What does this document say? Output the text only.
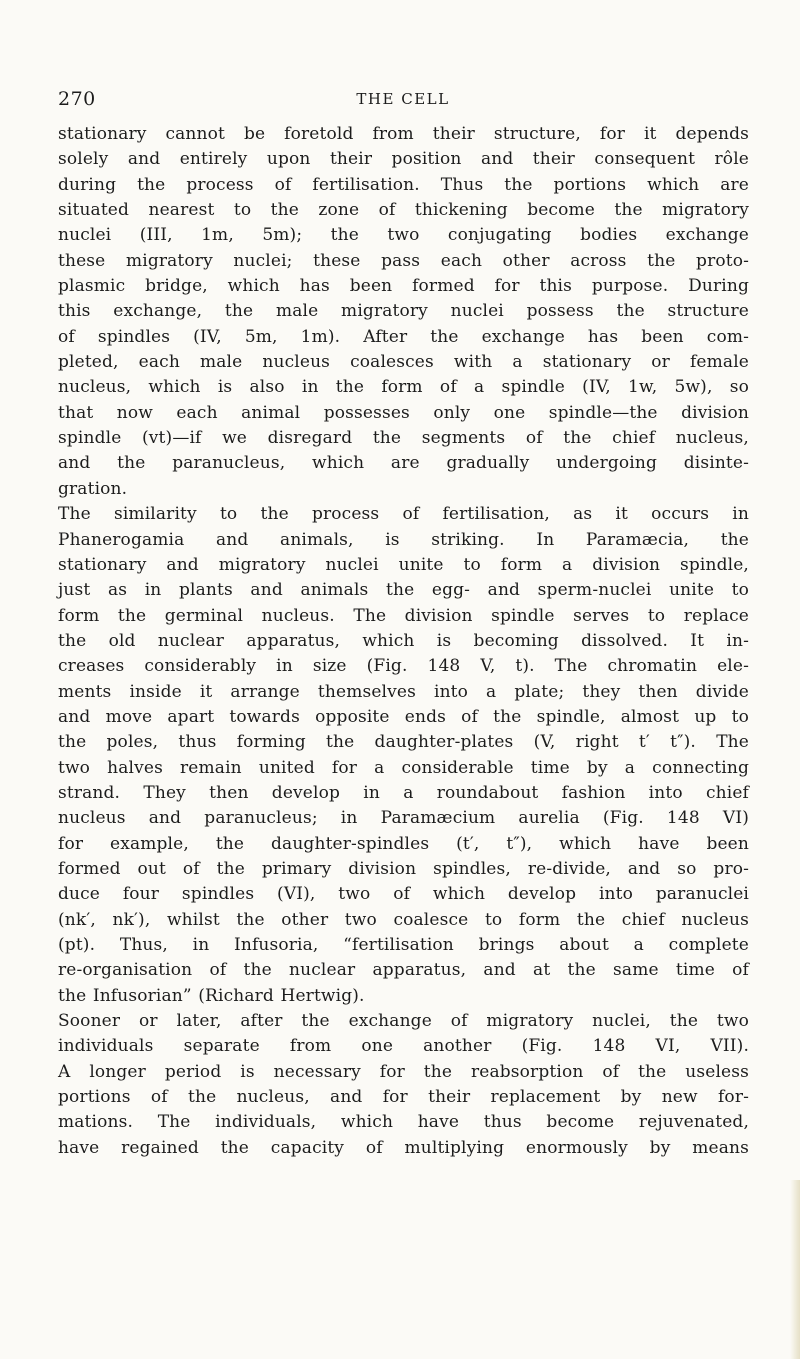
270	THE CELL
stationary cannot be foretold from their structure, for it depends
solely and entirely upon their position and their consequent rôle
during the process of fertilisation. Thus the portions which are
situated nearest to the zone of thickening become the migratory
nuclei (III, 1m, 5m); the two conjugating bodies exchange
these migratory nuclei; these pass each other across the proto-
plasmic bridge, which has been formed for this purpose. During
this exchange, the male migratory nuclei possess the structure
of spindles (IV, 5m, 1m). After the exchange has been com-
pleted, each male nucleus coalesces with a stationary or female
nucleus, which is also in the form of a spindle (IV, 1w, 5w), so
that now each animal possesses only one spindle—the division
spindle (vt)—if we disregard the segments of the chief nucleus,
and the paranucleus, which are gradually undergoing disinte-
gration.
The similarity to the process of fertilisation, as it occurs in
Phanerogamia and animals, is striking. In Paramæcia, the
stationary and migratory nuclei unite to form a division spindle,
just as in plants and animals the egg- and sperm-nuclei unite to
form the germinal nucleus. The division spindle serves to replace
the old nuclear apparatus, which is becoming dissolved. It in-
creases considerably in size (Fig. 148 V, t). The chromatin ele-
ments inside it arrange themselves into a plate; they then divide
and move apart towards opposite ends of the spindle, almost up to
the poles, thus forming the daughter-plates (V, right t′ t″). The
two halves remain united for a considerable time by a connecting
strand. They then develop in a roundabout fashion into chief
nucleus and paranucleus; in Paramæcium aurelia (Fig. 148 VI)
for example, the daughter-spindles (t′, t″), which have been
formed out of the primary division spindles, re-divide, and so pro-
duce four spindles (VI), two of which develop into paranuclei
(nk′, nk′), whilst the other two coalesce to form the chief nucleus
(pt). Thus, in Infusoria, “fertilisation brings about a complete
re-organisation of the nuclear apparatus, and at the same time of
the Infusorian” (Richard Hertwig).
Sooner or later, after the exchange of migratory nuclei, the two
individuals separate from one another (Fig. 148 VI, VII).
A longer period is necessary for the reabsorption of the useless
portions of the nucleus, and for their replacement by new for-
mations. The individuals, which have thus become rejuvenated,
have regained the capacity of multiplying enormously by means
